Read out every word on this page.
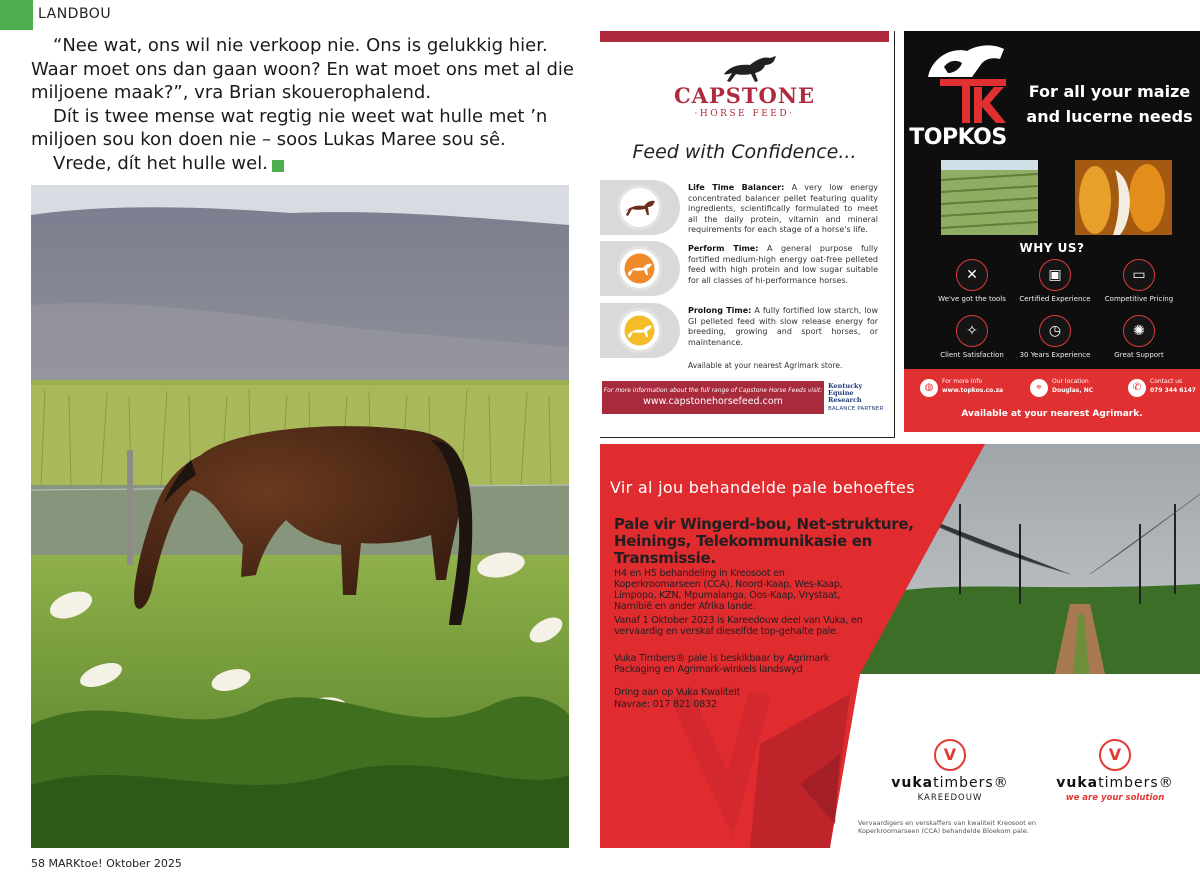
LANDBOU

“Nee wat, ons wil nie verkoop nie. Ons is gelukkig hier. Waar moet ons dan gaan woon? En wat moet ons met al die miljoene maak?”, vra Brian skouerophalend.

Dít is twee mense wat regtig nie weet wat hulle met ’n miljoen sou kon doen nie – soos Lukas Maree sou sê.

Vrede, dít het hulle wel.	M

58 MARKtoe! Oktober 2025
CAPSTONE
·HORSE FEED·
Feed with Confidence...
Life Time Balancer: A very low energy concentrated balancer pellet featuring quality ingredients, scientifically formulated to meet all the daily protein, vitamin and mineral requirements for each stage of a horse's life.
Perform Time: A general purpose fully fortified medium-high energy oat-free pelleted feed with high protein and low sugar suitable for all classes of hi-performance horses.
Prolong Time: A fully fortified low starch, low GI pelleted feed with slow release energy for breeding, growing and sport horses, or maintenance.
Available at your nearest Agrimark store.
For more information about the full range of Capstone Horse Feeds visit:
www.capstonehorsefeed.com
Kentucky
Equine
Research
BALANCE PARTNER
TOPKOS
For all your maize and lucerne needs
WHY US?
✕
We've got the tools
▣
Certified Experience
▭
Competitive Pricing
✧
Client Satisfaction
◷
30 Years Experience
✺
Great Support
◍
For more info
www.topkos.co.za	⌖
Our location
Douglas, NC	✆
Contact us
079 344 6147
Available at your nearest Agrimark.
Vir al jou behandelde pale behoeftes
Pale vir Wingerd-bou, Net-strukture, Heinings, Telekommunikasie en Transmissie.
H4 en H5 behandeling in Kreosoot en Koperkroomarseen (CCA). Noord-Kaap, Wes-Kaap, Limpopo, KZN, Mpumalanga, Oos-Kaap, Vrystaat, Namibië en ander Afrika lande.
Vanaf 1 Oktober 2023 is Kareedouw deel van Vuka, en vervaardig en verskaf dieselfde top-gehalte pale.
Vuka Timbers® pale is beskikbaar by Agrimark Packaging en Agrimark-winkels landswyd
Dring aan op Vuka Kwaliteit
Navrae: 017 821 0832
V
vukatimbers®
KAREEDOUW
V
vukatimbers®
we are your solution
Vervaardigers en verskaffers van kwaliteit Kreosoot en Koperkroomarseen (CCA) behandelde Bloekom pale.
